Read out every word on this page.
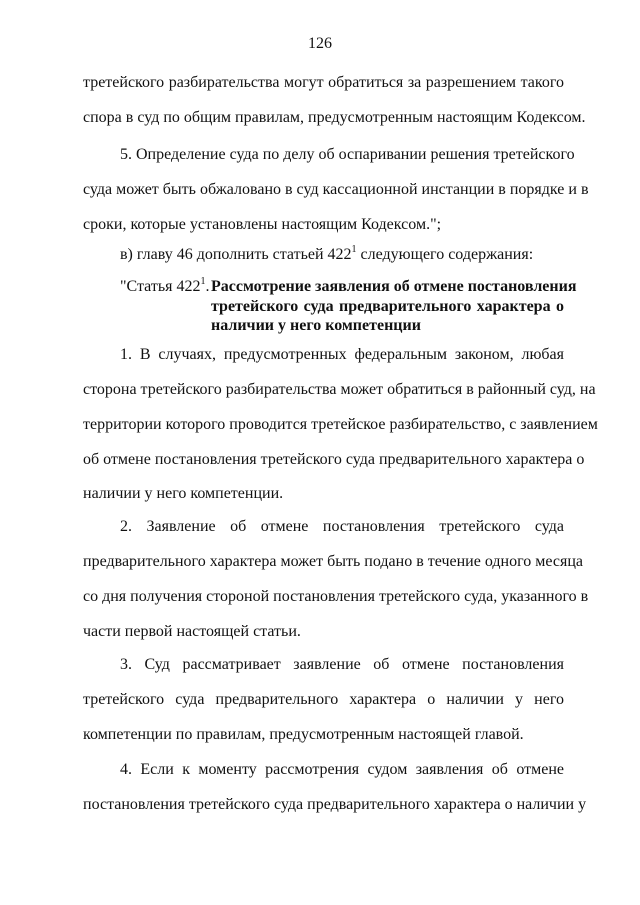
126
третейского разбирательства могут обратиться за разрешением такого
спора в суд по общим правилам, предусмотренным настоящим Кодексом.
5. Определение суда по делу об оспаривании решения третейского
суда может быть обжаловано в суд кассационной инстанции в порядке и в
сроки, которые установлены настоящим Кодексом.";
в) главу 46 дополнить статьей $422^1$ следующего содержания:
"Статья $422^1$. Рассмотрение заявления об отмене постановления
третейского суда предварительного характера о
наличии у него компетенции
1. В случаях, предусмотренных федеральным законом, любая
сторона третейского разбирательства может обратиться в районный суд, на
территории которого проводится третейское разбирательство, с заявлением
об отмене постановления третейского суда предварительного характера о
наличии у него компетенции.
2. Заявление об отмене постановления третейского суда
предварительного характера может быть подано в течение одного месяца
со дня получения стороной постановления третейского суда, указанного в
части первой настоящей статьи.
3. Суд рассматривает заявление об отмене постановления
третейского суда предварительного характера о наличии у него
компетенции по правилам, предусмотренным настоящей главой.
4. Если к моменту рассмотрения судом заявления об отмене
постановления третейского суда предварительного характера о наличии у
